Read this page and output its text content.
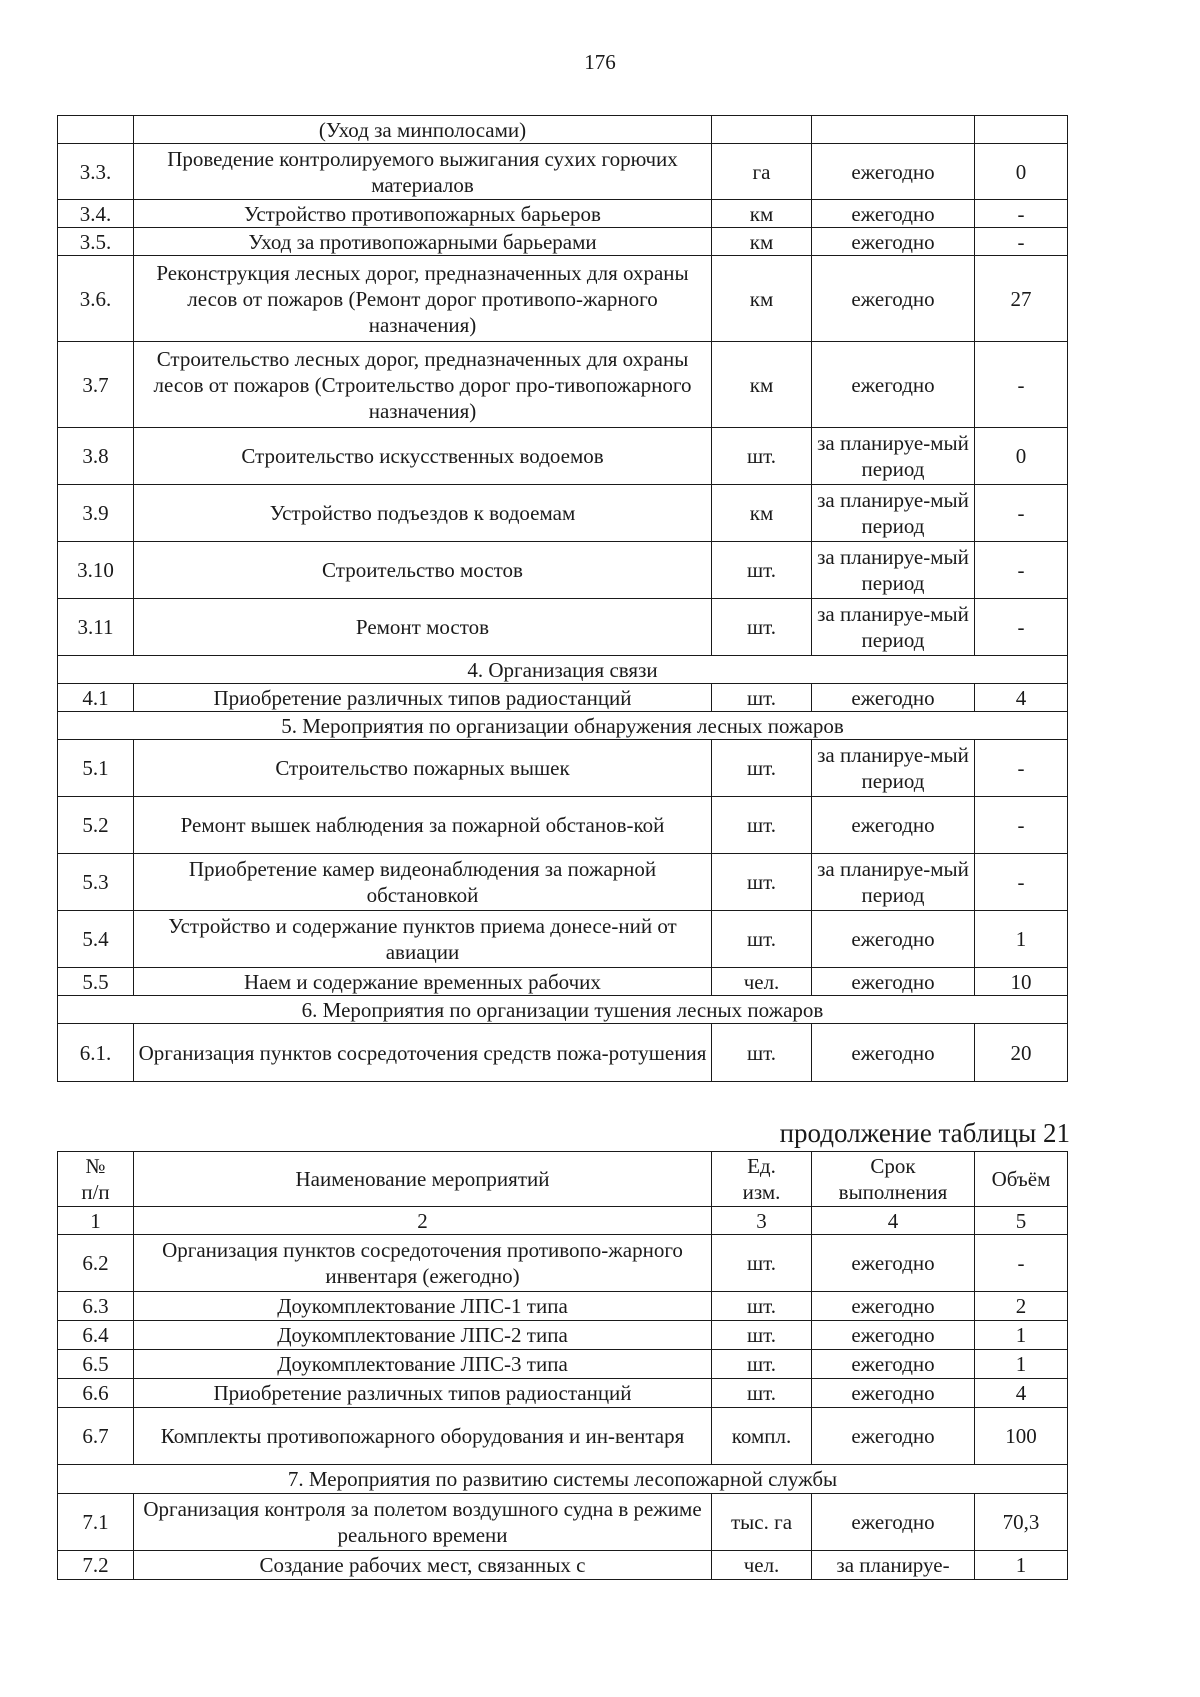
176
	(Уход за минполосами)			
3.3.	Проведение контролируемого выжигания сухих горючих материалов	га	ежегодно	0
3.4.	Устройство противопожарных барьеров	км	ежегодно	-
3.5.	Уход за противопожарными барьерами	км	ежегодно	-
3.6.	Реконструкция лесных дорог, предназначенных для охраны лесов от пожаров (Ремонт дорог противопо-жарного назначения)	км	ежегодно	27
3.7	Строительство лесных дорог, предназначенных для охраны лесов от пожаров (Строительство дорог про-тивопожарного назначения)	км	ежегодно	-
3.8	Строительство искусственных водоемов	шт.	за планируе-мый период	0
3.9	Устройство подъездов к водоемам	км	за планируе-мый период	-
3.10	Строительство мостов	шт.	за планируе-мый период	-
3.11	Ремонт мостов	шт.	за планируе-мый период	-
4. Организация связи				
4.1	Приобретение различных типов радиостанций	шт.	ежегодно	4
5. Мероприятия по организации обнаружения лесных пожаров				
5.1	Строительство пожарных вышек	шт.	за планируе-мый период	-
5.2	Ремонт вышек наблюдения за пожарной обстанов-кой	шт.	ежегодно	-
5.3	Приобретение камер видеонаблюдения за пожарной обстановкой	шт.	за планируе-мый период	-
5.4	Устройство и содержание пунктов приема донесе-ний от авиации	шт.	ежегодно	1
5.5	Наем и содержание временных рабочих	чел.	ежегодно	10
6. Мероприятия по организации тушения лесных пожаров				
6.1.	Организация пунктов сосредоточения средств пожа-ротушения	шт.	ежегодно	20
продолжение таблицы 21
№ п/п	Наименование мероприятий	Ед. изм.	Срок выполнения	Объём
1	2	3	4	5
6.2	Организация пунктов сосредоточения противопо-жарного инвентаря (ежегодно)	шт.	ежегодно	-
6.3	Доукомплектование ЛПС-1 типа	шт.	ежегодно	2
6.4	Доукомплектование ЛПС-2 типа	шт.	ежегодно	1
6.5	Доукомплектование ЛПС-3 типа	шт.	ежегодно	1
6.6	Приобретение различных типов радиостанций	шт.	ежегодно	4
6.7	Комплекты противопожарного оборудования и ин-вентаря	компл.	ежегодно	100
7. Мероприятия по развитию системы лесопожарной службы				
7.1	Организация контроля за полетом воздушного судна в режиме реального времени	тыс. га	ежегодно	70,3
7.2	Создание рабочих мест, связанных с	чел.	за планируе-	1
